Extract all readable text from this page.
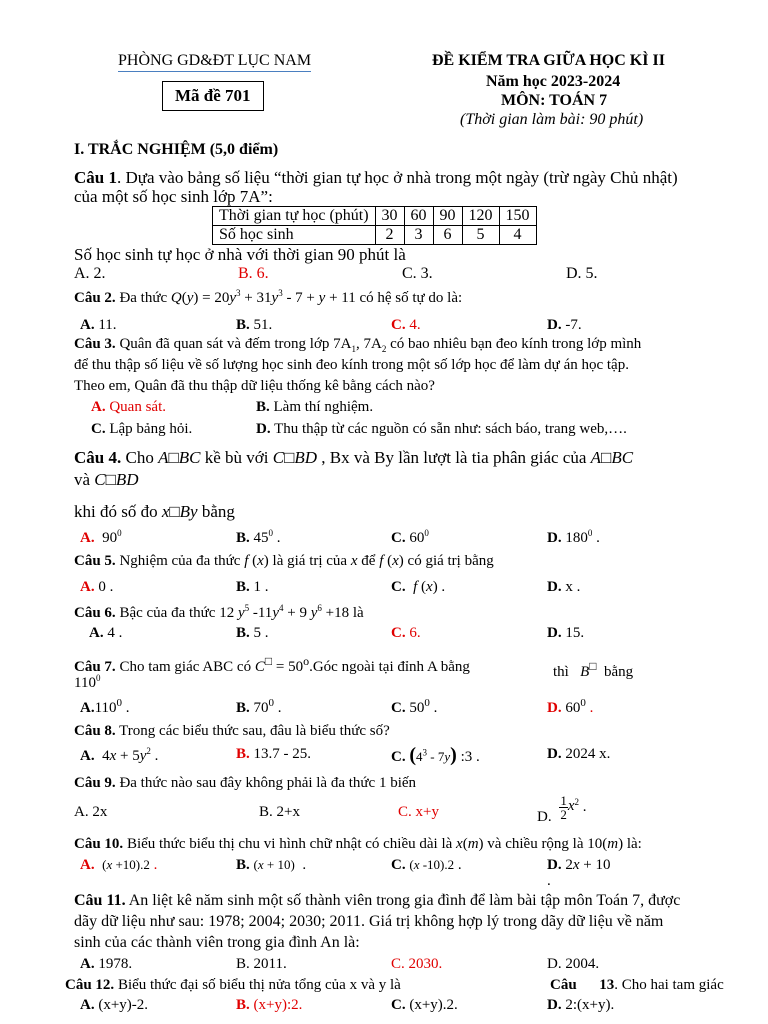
PHÒNG GD&ĐT LỤC NAM
Mã đề 701
ĐỀ KIỂM TRA GIỮA HỌC KÌ II
Năm học 2023-2024
MÔN: TOÁN 7
(Thời gian làm bài: 90 phút)
I. TRẮC NGHIỆM (5,0 điểm)
Câu 1. Dựa vào bảng số liệu “thời gian tự học ở nhà trong một ngày (trừ ngày Chủ nhật)
của một số học sinh lớp 7A”:
Thời gian tự học (phút)	30	60	90	120	150
Số học sinh	2	3	6	5	4
Số học sinh tự học ở nhà với thời gian 90 phút là
A. 2.	B. 6.	C. 3.	D. 5.
Câu 2. Đa thức $Q(y) = 20y^3 + 31y^3 - 7 + y + 11$ có hệ số tự do là:
A. 11.	B. 51.	C. 4.	D. -7.
Câu 3. Quân đã quan sát và đếm trong lớp $7A_1$, $7A_2$ có bao nhiêu bạn đeo kính trong lớp mình
để thu thập số liệu về số lượng học sinh đeo kính trong một số lớp học để làm dự án học tập.
Theo em, Quân đã thu thập dữ liệu thống kê bằng cách nào?
A. Quan sát.	B. Làm thí nghiệm.
C. Lập bảng hỏi.	D. Thu thập từ các nguồn có sẵn như: sách báo, trang web,….
Câu 4. Cho A□BC kề bù với C□BD , Bx và By lần lượt là tia phân giác của A□BC
và C□BD
khi đó số đo x□By bằng
A. $90^0$	B. $45^0$ .	C. $60^0$	D. $180^0$ .
Câu 5. Nghiệm của đa thức f (x) là giá trị của x để f (x) có giá trị bằng
A. 0 .	B. 1 .	C. f (x) .	D. x .
Câu 6. Bậc của đa thức 12 $y^5$ $-11y^4 + 9$ $y^6 +18$ là
A. 4 .	B. 5 .	C. 6.	D. 15.
Câu 7. Cho tam giác ABC có $C^□ = 50^o.Góc$ ngoài tại đỉnh A bằng	thì B□ bằng
$110^0$
A.110$^0$ .	B. $70^0$ .	C. $50^0$ .	D. $60^0$ .
Câu 8. Trong các biểu thức sau, đâu là biểu thức số?
A.  $4x + 5y^2$ .	B. 13.7 - 25.	C. $(4^3 - 7y)$ :3 .	D. 2024 x.
Câu 9. Đa thức nào sau đây không phải là đa thức 1 biến
A. 2x	B. 2+x	C. x+y	D. $\frac{1}{2} x^2$ .
Câu 10. Biểu thức biểu thị chu vi hình chữ nhật có chiều dài là x(m) và chiều rộng là 10(m) là:
A. (x +10).2 .	B. (x + 10)  .	C. (x -10).2 .	D. 2x + 10
.
Câu 11. An liệt kê năm sinh một số thành viên trong gia đình để làm bài tập môn Toán 7, được
dãy dữ liệu như sau: 1978; 2004; 2030; 2011. Giá trị không hợp lý trong dãy dữ liệu về năm
sinh của các thành viên trong gia đình An là:
A. 1978.	B. 2011.	C. 2030.	D. 2004.
Câu 12. Biểu thức đại số biểu thị nửa tổng của x và y là	Câu 13. Cho hai tam giác
A. (x+y)-2.	B. (x+y):2.	C. (x+y).2.	D. 2:(x+y).
